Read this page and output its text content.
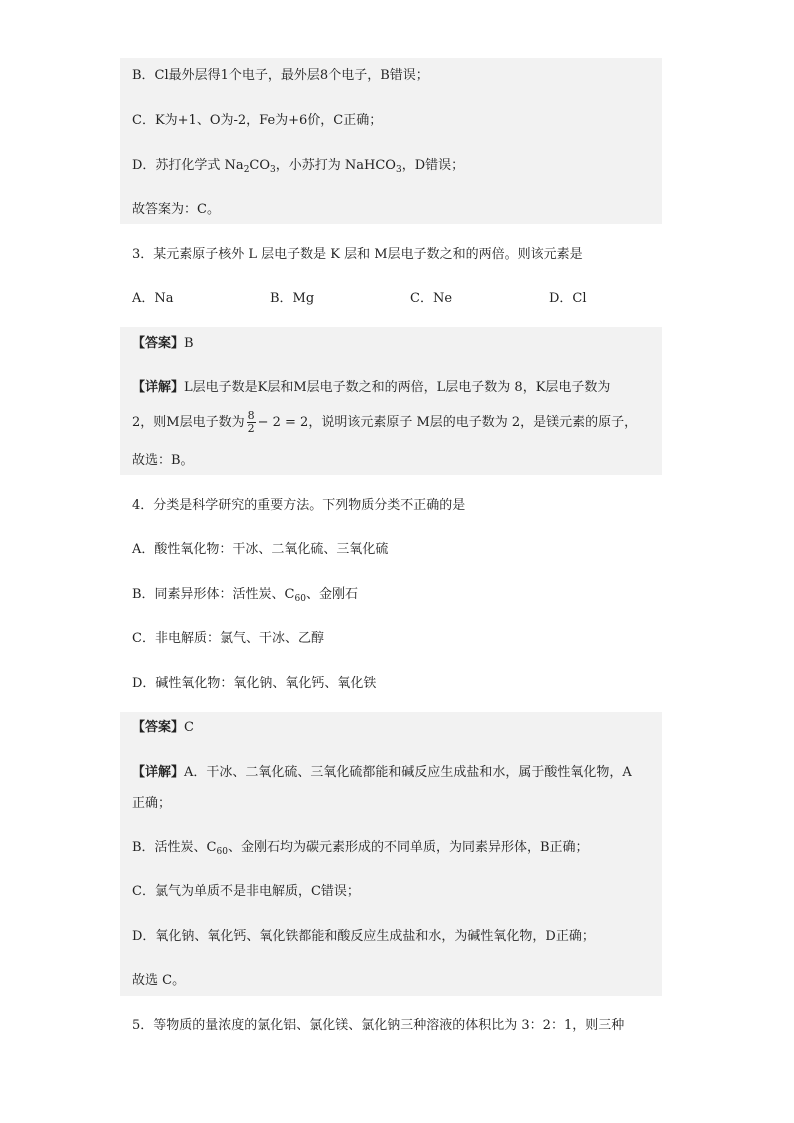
B．Cl最外层得1个电子，最外层8个电子，B错误；
C．K为+1、O为-2，Fe为+6价，C正确；
D．苏打化学式 $Na_2CO_3$，小苏打为 NaHCO$_3$，D错误；
故答案为：C。
3．某元素原子核外 L 层电子数是 K 层和 M层电子数之和的两倍。则该元素是
A．Na	B．Mg	C．Ne	D．Cl
【答案】B
【详解】L层电子数是K层和M层电子数之和的两倍，L层电子数为 8，K层电子数为
2，则M层电子数为 $\frac{8}{2} - 2 = 2$，说明该元素原子 M层的电子数为 2，是镁元素的原子，
故选：B。
4．分类是科学研究的重要方法。下列物质分类不正确的是
A．酸性氧化物：干冰、二氧化硫、三氧化硫
B．同素异形体：活性炭、$C_{60}$、金刚石
C．非电解质：氯气、干冰、乙醇
D．碱性氧化物：氧化钠、氧化钙、氧化铁
【答案】C
【详解】A．干冰、二氧化硫、三氧化硫都能和碱反应生成盐和水，属于酸性氧化物，A
正确；
B．活性炭、$C_{60}$、金刚石均为碳元素形成的不同单质，为同素异形体，B正确；
C．氯气为单质不是非电解质，C错误；
D．氧化钠、氧化钙、氧化铁都能和酸反应生成盐和水，为碱性氧化物，D正确；
故选 C。
5．等物质的量浓度的氯化铝、氯化镁、氯化钠三种溶液的体积比为 3：2：1，则三种
